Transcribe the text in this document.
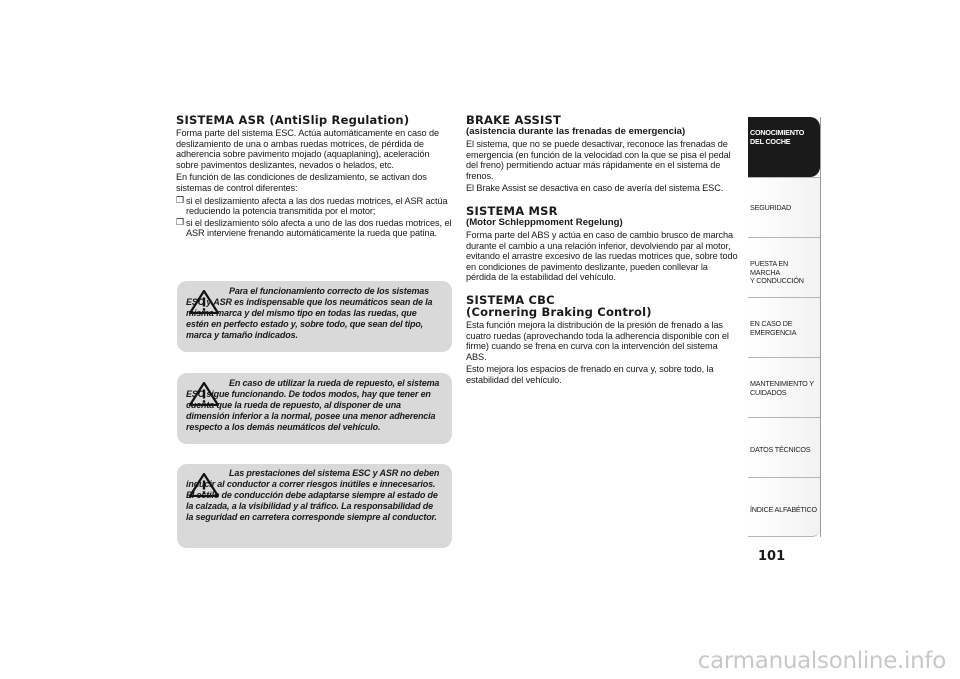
SISTEMA ASR (AntiSlip Regulation)

Forma parte del sistema ESC. Actúa automáticamente en caso de deslizamiento de una o ambas ruedas motrices, de pérdida de adherencia sobre pavimento mojado (aquaplaning), aceleración sobre pavimentos deslizantes, nevados o helados, etc.

En función de las condiciones de deslizamiento, se activan dos sistemas de control diferentes:

❒ si el deslizamiento afecta a las dos ruedas motrices, el ASR actúa reduciendo la potencia transmitida por el motor;
❒ si el deslizamiento sólo afecta a uno de las dos ruedas motrices, el ASR interviene frenando automáticamente la rueda que patina.
Para el funcionamiento correcto de los sistemas ESC y ASR es indispensable que los neumáticos sean de la misma marca y del mismo tipo en todas las ruedas, que estén en perfecto estado y, sobre todo, que sean del tipo, marca y tamaño indicados.
En caso de utilizar la rueda de repuesto, el sistema ESC sigue funcionando. De todos modos, hay que tener en cuenta que la rueda de repuesto, al disponer de una dimensión inferior a la normal, posee una menor adherencia respecto a los demás neumáticos del vehículo.
Las prestaciones del sistema ESC y ASR no deben inducir al conductor a correr riesgos inútiles e innecesarios. El estilo de conducción debe adaptarse siempre al estado de la calzada, a la visibilidad y al tráfico. La responsabilidad de la seguridad en carretera corresponde siempre al conductor.
BRAKE ASSIST
(asistencia durante las frenadas de emergencia)

El sistema, que no se puede desactivar, reconoce las frenadas de emergencia (en función de la velocidad con la que se pisa el pedal del freno) permitiendo actuar más rápidamente en el sistema de frenos.

El Brake Assist se desactiva en caso de avería del sistema ESC.

SISTEMA MSR
(Motor Schleppmoment Regelung)

Forma parte del ABS y actúa en caso de cambio brusco de marcha durante el cambio a una relación inferior, devolviendo par al motor, evitando el arrastre excesivo de las ruedas motrices que, sobre todo en condiciones de pavimento deslizante, pueden conllevar la pérdida de la estabilidad del vehículo.

SISTEMA CBC
(Cornering Braking Control)

Esta función mejora la distribución de la presión de frenado a las cuatro ruedas (aprovechando toda la adherencia disponible con el firme) cuando se frena en curva con la intervención del sistema ABS.

Esto mejora los espacios de frenado en curva y, sobre todo, la estabilidad del vehículo.

CONOCIMIENTO
DEL COCHE
SEGURIDAD
PUESTA EN MARCHA
Y CONDUCCIÓN
EN CASO DE
EMERGENCIA
MANTENIMIENTO Y
CUIDADOS
DATOS TÉCNICOS
ÍNDICE ALFABÉTICO
101
carmanualsonline.info
